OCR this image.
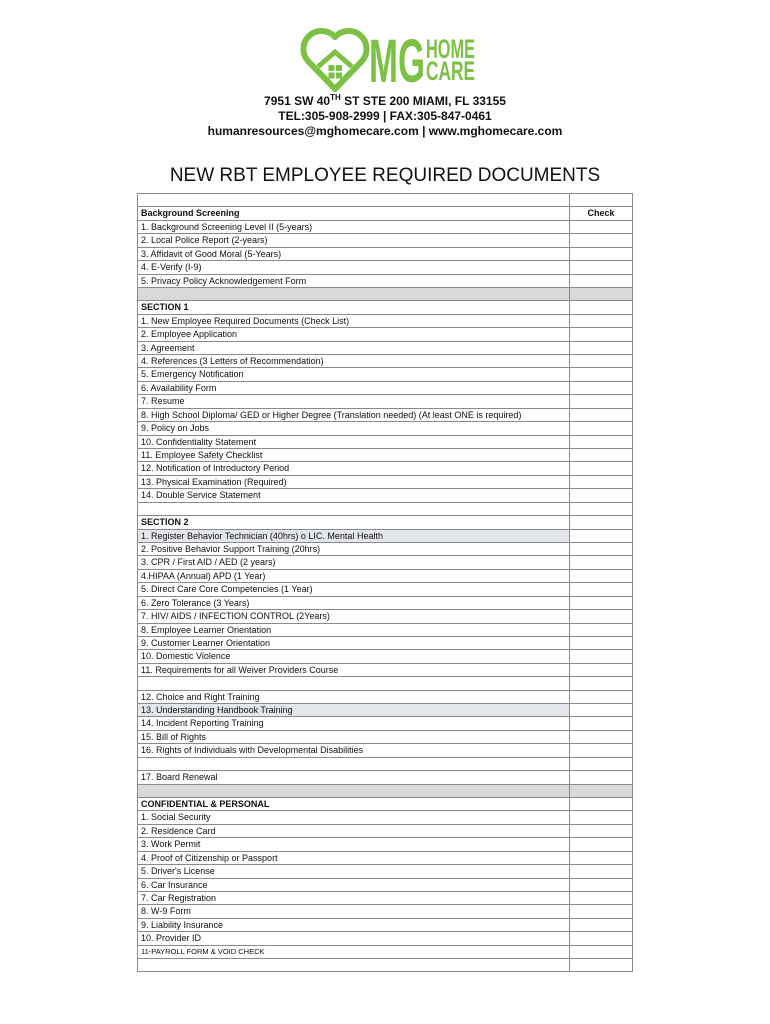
MG HOME
CARE
7951 SW 40TH ST STE 200 MIAMI, FL 33155
TEL:305-908-2999 | FAX:305-847-0461
humanresources@mghomecare.com | www.mghomecare.com
NEW RBT EMPLOYEE REQUIRED DOCUMENTS
Background Screening	Check
1. Background Screening Level II (5-years)
2. Local Police Report (2-years)
3. Affidavit of Good Moral (5-Years)
4. E-Verify (I-9)
5. Privacy Policy Acknowledgement Form
SECTION 1
1. New Employee Required Documents (Check List)
2. Employee Application
3. Agreement
4. References (3 Letters of Recommendation)
5. Emergency Notification
6. Availability Form
7. Resume
8. High School Diploma/ GED or Higher Degree (Translation needed) (At least ONE is required)
9. Policy on Jobs
10. Confidentiality Statement
11. Employee Safety Checklist
12. Notification of Introductory Period
13. Physical Examination (Required)
14. Double Service Statement
SECTION 2
1. Register Behavior Technician (40hrs) o LIC. Mental Health
2. Positive Behavior Support Training (20hrs)
3. CPR / First AID / AED (2 years)
4.HIPAA (Annual) APD (1 Year)
5. Direct Care Core Competencies (1 Year)
6. Zero Tolerance (3 Years)
7. HIV/ AIDS / INFECTION CONTROL (2Years)
8. Employee Learner Orientation
9. Customer Learner Orientation
10. Domestic Violence
11. Requirements for all Weiver Providers Course
12. Choice and Right Training
13. Understanding Handbook Training
14. Incident Reporting Training
15. Bill of Rights
16. Rights of Individuals with Developmental Disabilities
17. Board Renewal
CONFIDENTIAL & PERSONAL
1. Social Security
2. Residence Card
3. Work Permit
4. Proof of Citizenship or Passport
5. Driver's License
6. Car Insurance
7. Car Registration
8. W-9 Form
9. Liability Insurance
10. Provider ID
11-PAYROLL FORM & VOID CHECK
